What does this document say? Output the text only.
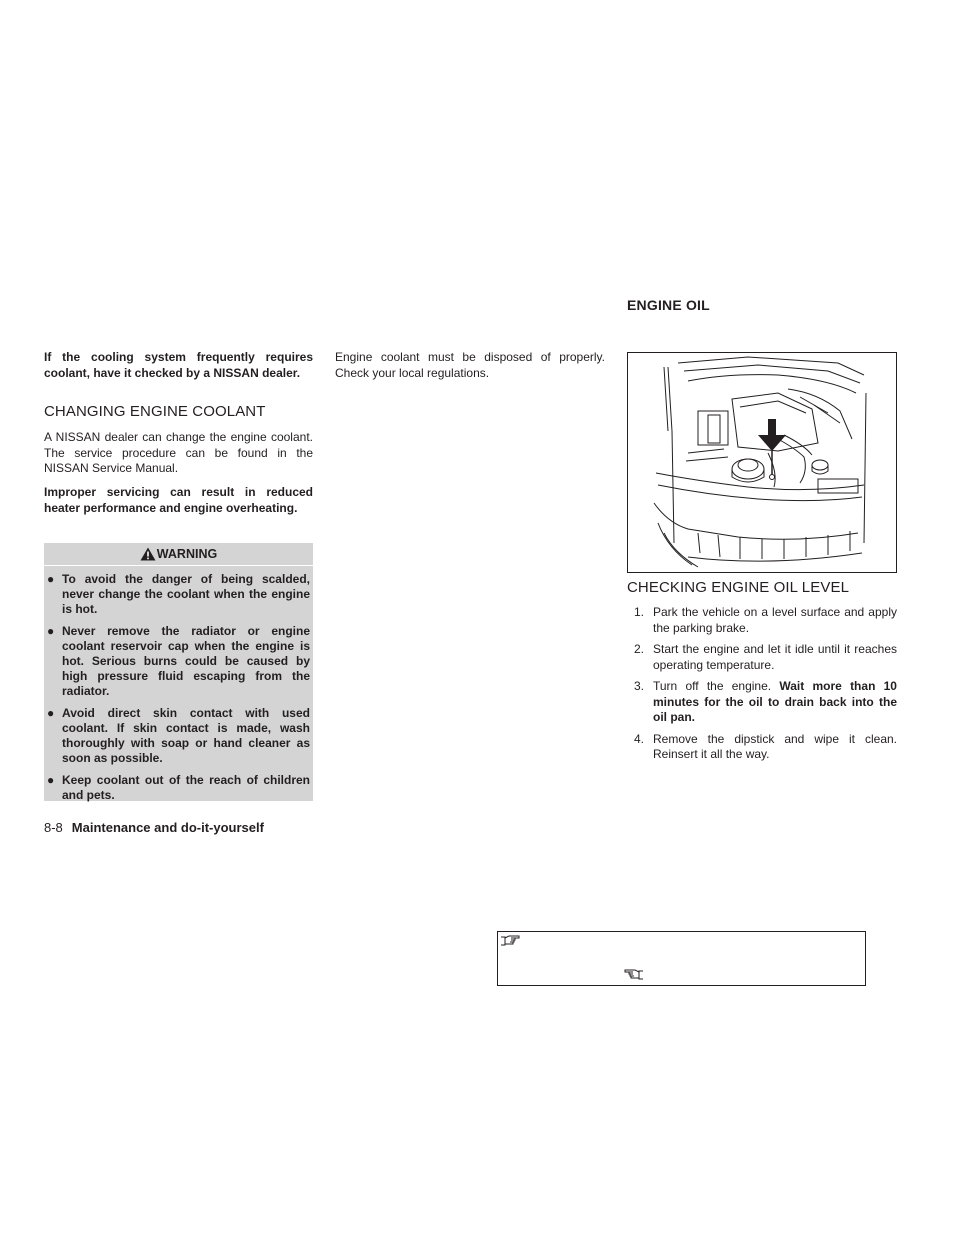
If the cooling system frequently requires coolant, have it checked by a NISSAN dealer.

CHANGING ENGINE COOLANT

A NISSAN dealer can change the engine coolant. The service procedure can be found in the NISSAN Service Manual.

Improper servicing can result in reduced heater performance and engine overheating.

WARNING
● To avoid the danger of being scalded, never change the coolant when the engine is hot.
● Never remove the radiator or engine coolant reservoir cap when the engine is hot. Serious burns could be caused by high pressure fluid escaping from the radiator.
● Avoid direct skin contact with used coolant. If skin contact is made, wash thoroughly with soap or hand cleaner as soon as possible.
● Keep coolant out of the reach of children and pets.
8-8 Maintenance and do-it-yourself

Engine coolant must be disposed of properly. Check your local regulations.

ENGINE OIL
CHECKING ENGINE OIL LEVEL
1. Park the vehicle on a level surface and apply the parking brake.
2. Start the engine and let it idle until it reaches operating temperature.
3. Turn off the engine. Wait more than 10 minutes for the oil to drain back into the oil pan.
4. Remove the dipstick and wipe it clean. Reinsert it all the way.
